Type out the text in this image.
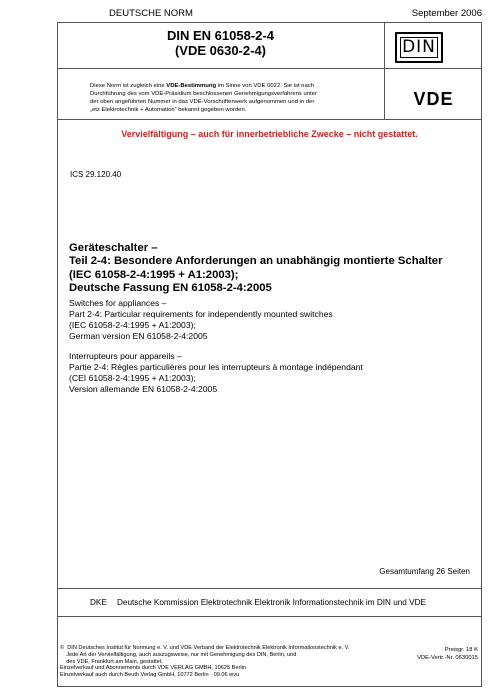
DEUTSCHE NORM	September 2006
DIN EN 61058-2-4
(VDE 0630-2-4)	DIN
Diese Norm ist zugleich eine VDE-Bestimmung im Sinne von VDE 0022. Sie ist nach
Durchführung des vom VDE-Präsidium beschlossenen Genehmigungsverfahrens unter
der oben angeführten Nummer in das VDE-Vorschriftenwerk aufgenommen und in der
„etz Elektrotechnik + Automation“ bekannt gegeben worden.
VDE
Vervielfältigung – auch für innerbetriebliche Zwecke – nicht gestattet.
ICS 29.120.40
Geräteschalter –
Teil 2-4: Besondere Anforderungen an unabhängig montierte Schalter
(IEC 61058-2-4:1995 + A1:2003);
Deutsche Fassung EN 61058-2-4:2005
Switches for appliances –
Part 2-4: Particular requirements for independently mounted switches
(IEC 61058-2-4:1995 + A1:2003);
German version EN 61058-2-4:2005
Interrupteurs pour appareils –
Partie 2-4: Règles particulières pour les interrupteurs à montage indépendant
(CEI 61058-2-4:1995 + A1:2003);
Version allemande EN 61058-2-4:2005
Gesamtumfang 26 Seiten
DKE Deutsche Kommission Elektrotechnik Elektronik Informationstechnik im DIN und VDE
©  DIN Deutsches Institut für Normung e. V. und VDE Verband der Elektrotechnik Elektronik Informationstechnik e. V.
Jede Art der Vervielfältigung, auch auszugsweise, nur mit Genehmigung des DIN, Berlin, und
des VDE, Frankfurt am Main, gestattet.
Einzelverkauf und Abonnements durch VDE VERLAG GMBH, 10625 Berlin
Einzelverkauf auch durch Beuth Verlag GmbH, 10772 Berlin · 09.06 wvu
Preisgr. 18 K
VDE-Vertr.-Nr. 0630015
